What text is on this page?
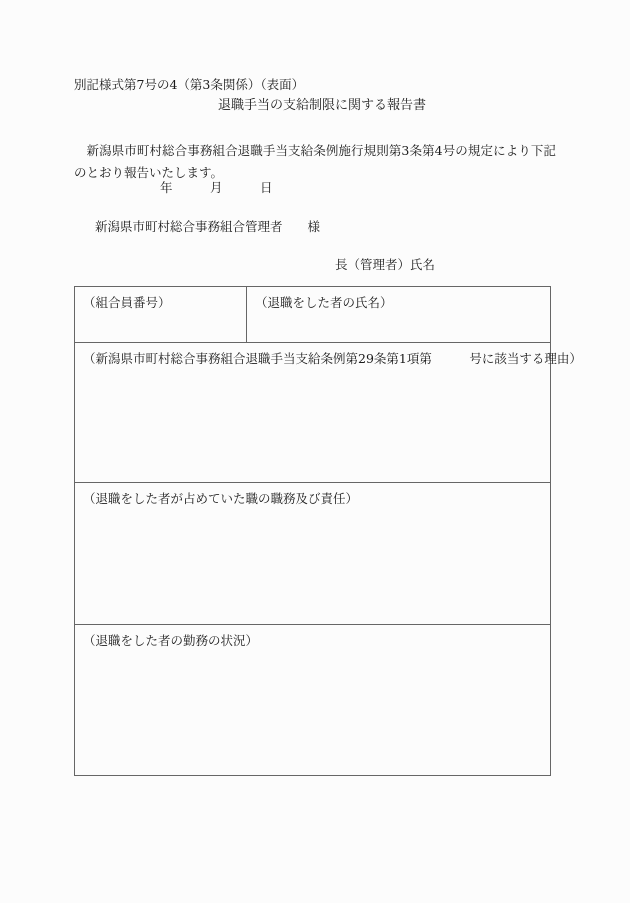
別記様式第7号の4（第3条関係）（表面）
退職手当の支給制限に関する報告書
新潟県市町村総合事務組合退職手当支給条例施行規則第3条第4号の規定により下記のとおり報告いたします。
年　　　月　　　日
新潟県市町村総合事務組合管理者　　様
長（管理者）氏名
（組合員番号）	（退職をした者の氏名）

（新潟県市町村総合事務組合退職手当支給条例第29条第1項第　　　号に該当する理由）

（退職をした者が占めていた職の職務及び責任）

（退職をした者の勤務の状況）
